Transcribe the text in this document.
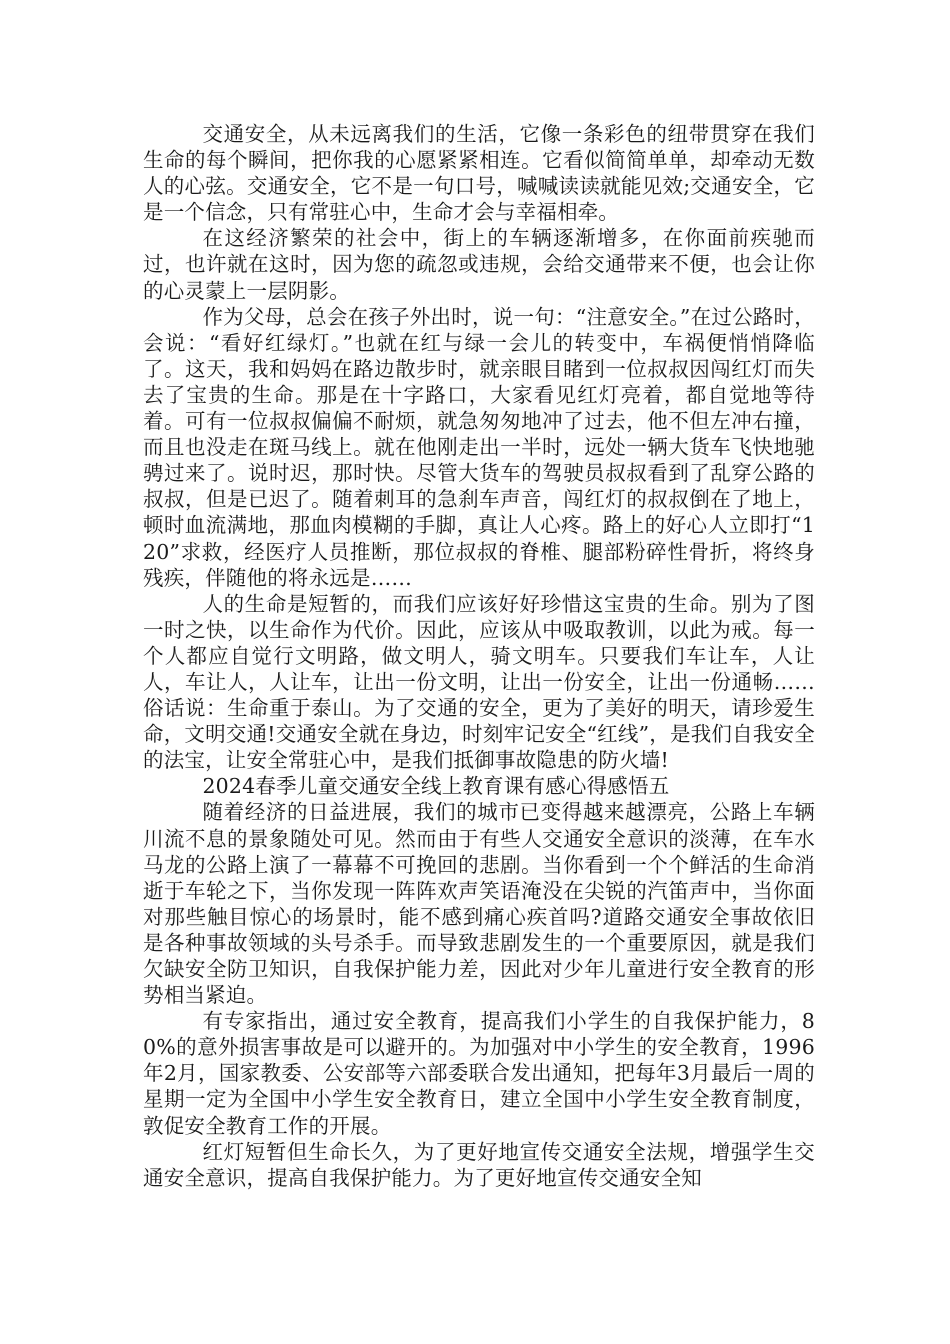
交通安全，从未远离我们的生活，它像一条彩色的纽带贯穿在我们生命的每个瞬间，把你我的心愿紧紧相连。它看似简简单单，却牵动无数人的心弦。交通安全，它不是一句口号，喊喊读读就能见效;交通安全，它是一个信念，只有常驻心中，生命才会与幸福相牵。

在这经济繁荣的社会中，街上的车辆逐渐增多，在你面前疾驰而过，也许就在这时，因为您的疏忽或违规，会给交通带来不便，也会让你的心灵蒙上一层阴影。

作为父母，总会在孩子外出时，说一句：“注意安全。”在过公路时，会说：“看好红绿灯。”也就在红与绿一会儿的转变中，车祸便悄悄降临了。这天，我和妈妈在路边散步时，就亲眼目睹到一位叔叔因闯红灯而失去了宝贵的生命。那是在十字路口，大家看见红灯亮着，都自觉地等待着。可有一位叔叔偏偏不耐烦，就急匆匆地冲了过去，他不但左冲右撞，而且也没走在斑马线上。就在他刚走出一半时，远处一辆大货车飞快地驰骋过来了。说时迟，那时快。尽管大货车的驾驶员叔叔看到了乱穿公路的叔叔，但是已迟了。随着刺耳的急刹车声音，闯红灯的叔叔倒在了地上，顿时血流满地，那血肉模糊的手脚，真让人心疼。路上的好心人立即打“120”求救，经医疗人员推断，那位叔叔的脊椎、腿部粉碎性骨折，将终身残疾，伴随他的将永远是……

人的生命是短暂的，而我们应该好好珍惜这宝贵的生命。别为了图一时之快，以生命作为代价。因此，应该从中吸取教训，以此为戒。每一个人都应自觉行文明路，做文明人，骑文明车。只要我们车让车，人让人，车让人，人让车，让出一份文明，让出一份安全，让出一份通畅……俗话说：生命重于泰山。为了交通的安全，更为了美好的明天，请珍爱生命，文明交通!交通安全就在身边，时刻牢记安全“红线”，是我们自我安全的法宝，让安全常驻心中，是我们抵御事故隐患的防火墙!

2024春季儿童交通安全线上教育课有感心得感悟五

随着经济的日益进展，我们的城市已变得越来越漂亮，公路上车辆川流不息的景象随处可见。然而由于有些人交通安全意识的淡薄，在车水马龙的公路上演了一幕幕不可挽回的悲剧。当你看到一个个鲜活的生命消逝于车轮之下，当你发现一阵阵欢声笑语淹没在尖锐的汽笛声中，当你面对那些触目惊心的场景时，能不感到痛心疾首吗?道路交通安全事故依旧是各种事故领域的头号杀手。而导致悲剧发生的一个重要原因，就是我们欠缺安全防卫知识，自我保护能力差，因此对少年儿童进行安全教育的形势相当紧迫。

有专家指出，通过安全教育，提高我们小学生的自我保护能力，80%的意外损害事故是可以避开的。为加强对中小学生的安全教育，1996年2月，国家教委、公安部等六部委联合发出通知，把每年3月最后一周的星期一定为全国中小学生安全教育日，建立全国中小学生安全教育制度，敦促安全教育工作的开展。

红灯短暂但生命长久，为了更好地宣传交通安全法规，增强学生交通安全意识，提高自我保护能力。为了更好地宣传交通安全知
